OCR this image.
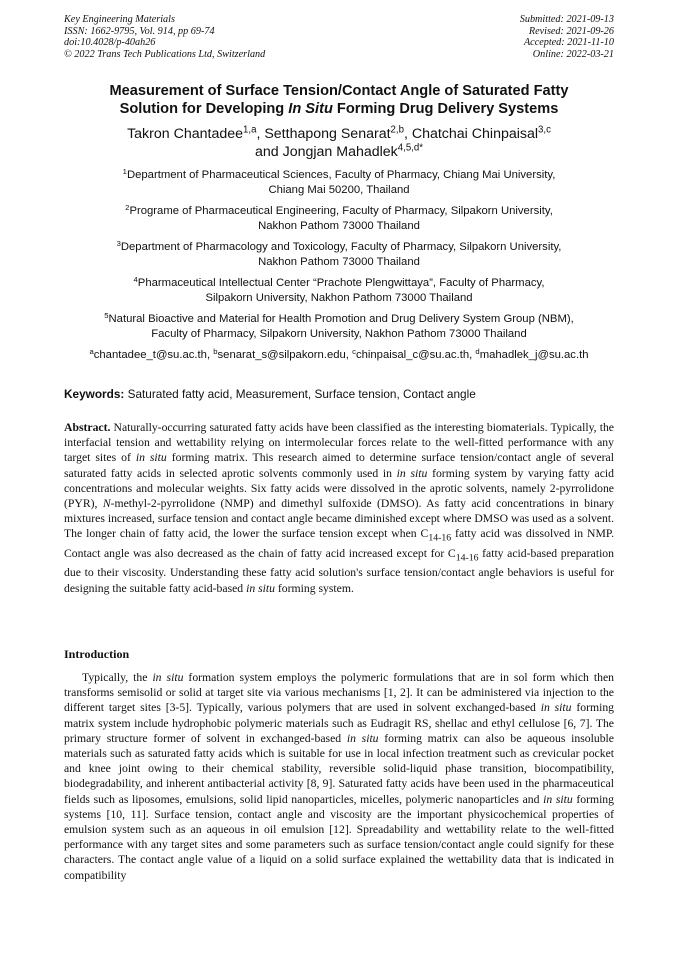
Key Engineering Materials
ISSN: 1662-9795, Vol. 914, pp 69-74
doi:10.4028/p-40ah26
© 2022 Trans Tech Publications Ltd, Switzerland
Submitted: 2021-09-13
Revised: 2021-09-26
Accepted: 2021-11-10
Online: 2022-03-21
Measurement of Surface Tension/Contact Angle of Saturated Fatty
Solution for Developing In Situ Forming Drug Delivery Systems
Takron Chantadee$^{1,a}$, Setthapong Senarat$^{2,b}$, Chatchai Chinpaisal$^{3,c}$
and Jongjan Mahadlek$^{4,5,d*}$
$^1$Department of Pharmaceutical Sciences, Faculty of Pharmacy, Chiang Mai University,
Chiang Mai 50200, Thailand
$^2$Programe of Pharmaceutical Engineering, Faculty of Pharmacy, Silpakorn University,
Nakhon Pathom 73000 Thailand
$^3$Department of Pharmacology and Toxicology, Faculty of Pharmacy, Silpakorn University,
Nakhon Pathom 73000 Thailand
$^4$Pharmaceutical Intellectual Center “Prachote Plengwittaya”, Faculty of Pharmacy,
Silpakorn University, Nakhon Pathom 73000 Thailand
$^5$Natural Bioactive and Material for Health Promotion and Drug Delivery System Group (NBM),
Faculty of Pharmacy, Silpakorn University, Nakhon Pathom 73000 Thailand
$^a$chantadee_t@su.ac.th, $^b$senarat_s@silpakorn.edu, $^c$chinpaisal_c@su.ac.th, $^d$mahadlek_j@su.ac.th
Keywords: Saturated fatty acid, Measurement, Surface tension, Contact angle
Abstract. Naturally-occurring saturated fatty acids have been classified as the interesting biomaterials. Typically, the interfacial tension and wettability relying on intermolecular forces relate to the well-fitted performance with any target sites of in situ forming matrix. This research aimed to determine surface tension/contact angle of several saturated fatty acids in selected aprotic solvents commonly used in in situ forming system by varying fatty acid concentrations and molecular weights. Six fatty acids were dissolved in the aprotic solvents, namely 2-pyrrolidone (PYR), N-methyl-2-pyrrolidone (NMP) and dimethyl sulfoxide (DMSO). As fatty acid concentrations in binary mixtures increased, surface tension and contact angle became diminished except where DMSO was used as a solvent. The longer chain of fatty acid, the lower the surface tension except when $C_{14-16}$ fatty acid was dissolved in NMP. Contact angle was also decreased as the chain of fatty acid increased except for $C_{14-16}$ fatty acid-based preparation due to their viscosity. Understanding these fatty acid solution's surface tension/contact angle behaviors is useful for designing the suitable fatty acid-based in situ forming system.
Introduction
Typically, the in situ formation system employs the polymeric formulations that are in sol form which then transforms semisolid or solid at target site via various mechanisms [1, 2]. It can be administered via injection to the different target sites [3-5]. Typically, various polymers that are used in solvent exchanged-based in situ forming matrix system include hydrophobic polymeric materials such as Eudragit RS, shellac and ethyl cellulose [6, 7]. The primary structure former of solvent in exchanged-based in situ forming matrix can also be aqueous insoluble materials such as saturated fatty acids which is suitable for use in local infection treatment such as crevicular pocket and knee joint owing to their chemical stability, reversible solid-liquid phase transition, biocompatibility, biodegradability, and inherent antibacterial activity [8, 9]. Saturated fatty acids have been used in the pharmaceutical fields such as liposomes, emulsions, solid lipid nanoparticles, micelles, polymeric nanoparticles and in situ forming systems [10, 11]. Surface tension, contact angle and viscosity are the important physicochemical properties of emulsion system such as an aqueous in oil emulsion [12]. Spreadability and wettability relate to the well-fitted performance with any target sites and some parameters such as surface tension/contact angle could signify for these characters. The contact angle value of a liquid on a solid surface explained the wettability data that is indicated in compatibility
